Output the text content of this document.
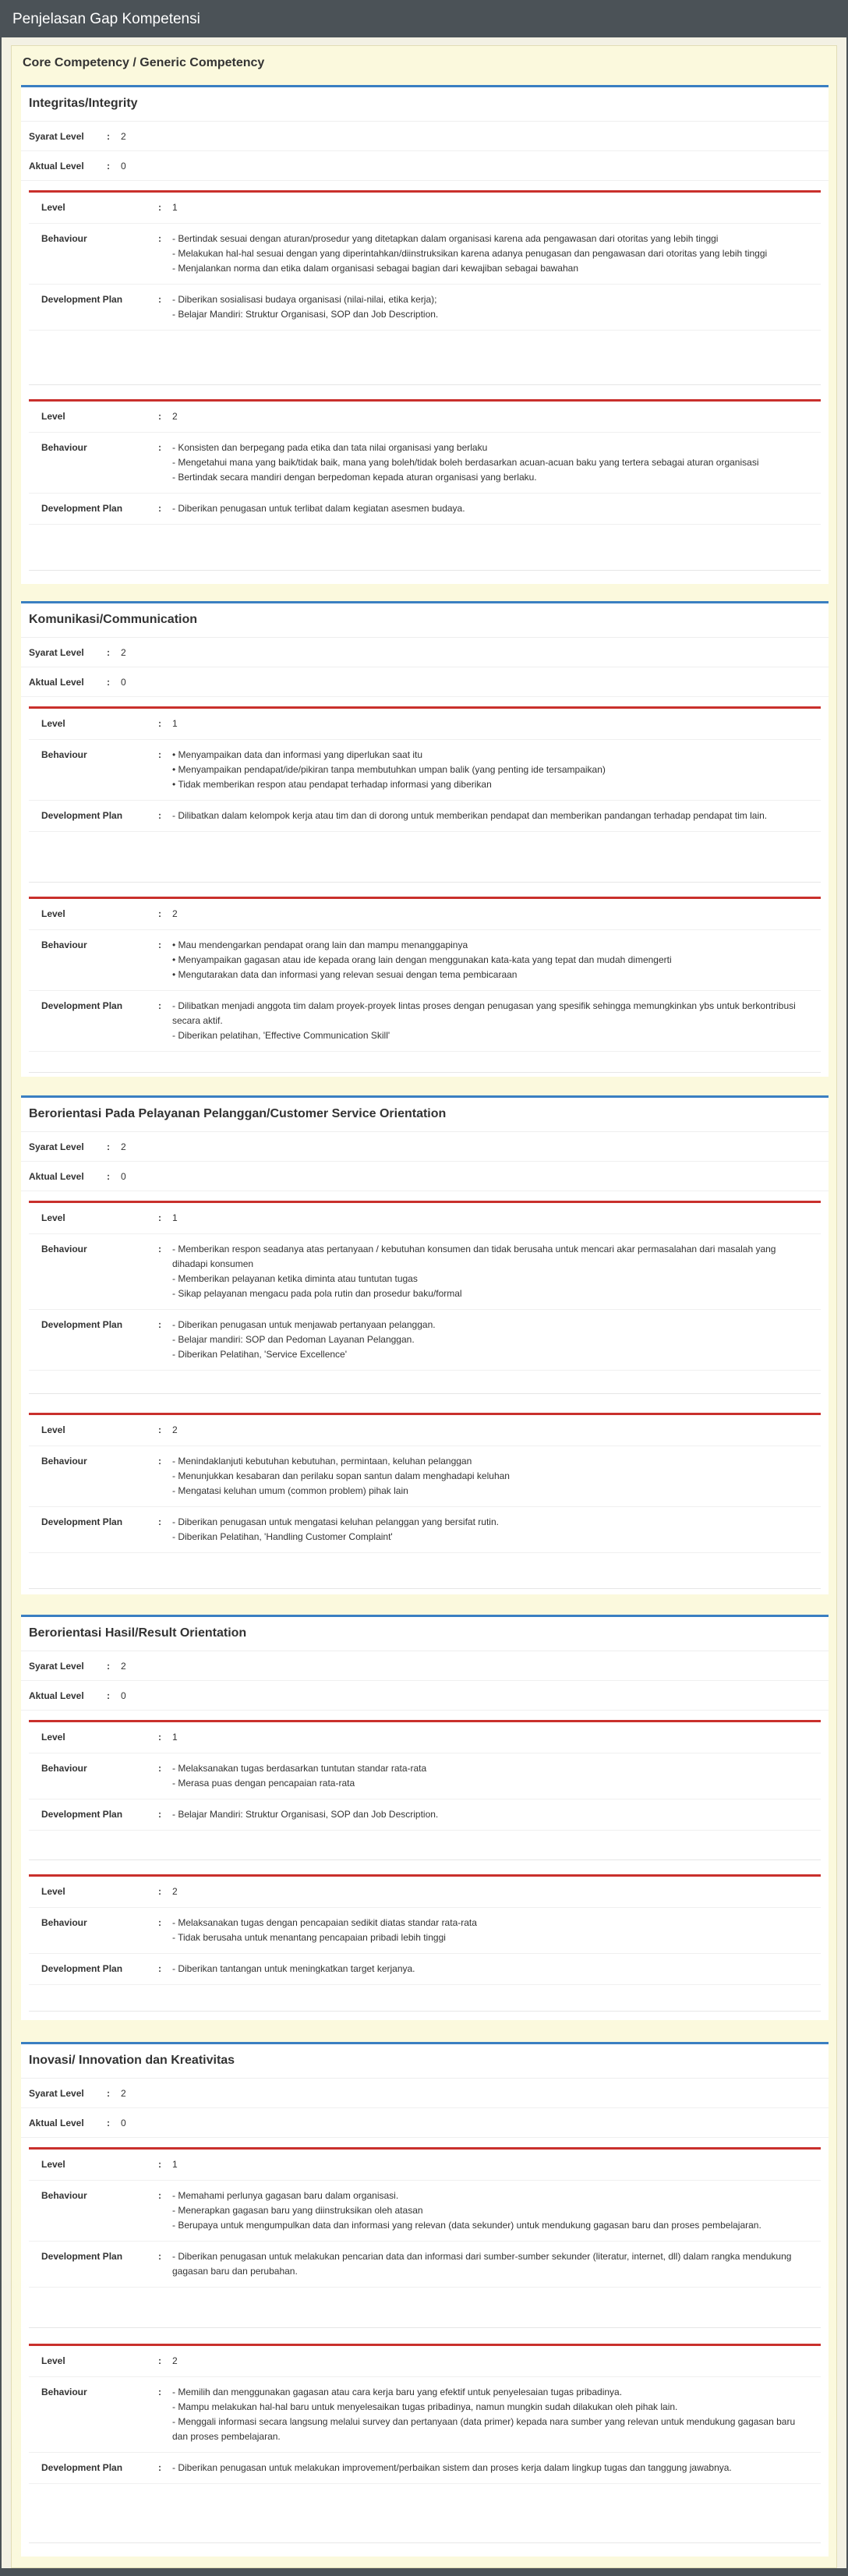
Penjelasan Gap Kompetensi
Core Competency / Generic Competency
Integritas/Integrity
Syarat Level	:	2
Aktual Level	:	0
Level	:	1
Behaviour	:	- Bertindak sesuai dengan aturan/prosedur yang ditetapkan dalam organisasi karena ada pengawasan dari otoritas yang lebih tinggi
- Melakukan hal-hal sesuai dengan yang diperintahkan/diinstruksikan karena adanya penugasan dan pengawasan dari otoritas yang lebih tinggi
- Menjalankan norma dan etika dalam organisasi sebagai bagian dari kewajiban sebagai bawahan
Development Plan	:	- Diberikan sosialisasi budaya organisasi (nilai-nilai, etika kerja);
- Belajar Mandiri: Struktur Organisasi, SOP dan Job Description.
Level	:	2
Behaviour	:	- Konsisten dan berpegang pada etika dan tata nilai organisasi yang berlaku
- Mengetahui mana yang baik/tidak baik, mana yang boleh/tidak boleh berdasarkan acuan-acuan baku yang tertera sebagai aturan organisasi
- Bertindak secara mandiri dengan berpedoman kepada aturan organisasi yang berlaku.
Development Plan	:	- Diberikan penugasan untuk terlibat dalam kegiatan asesmen budaya.
Komunikasi/Communication
Syarat Level	:	2
Aktual Level	:	0
Level	:	1
Behaviour	:	• Menyampaikan data dan informasi yang diperlukan saat itu
• Menyampaikan pendapat/ide/pikiran tanpa membutuhkan umpan balik (yang penting ide tersampaikan)
• Tidak memberikan respon atau pendapat terhadap informasi yang diberikan
Development Plan	:	- Dilibatkan dalam kelompok kerja atau tim dan di dorong untuk memberikan pendapat dan memberikan pandangan terhadap pendapat tim lain.
Level	:	2
Behaviour	:	• Mau mendengarkan pendapat orang lain dan mampu menanggapinya
• Menyampaikan gagasan atau ide kepada orang lain dengan menggunakan kata-kata yang tepat dan mudah dimengerti
• Mengutarakan data dan informasi yang relevan sesuai dengan tema pembicaraan
Development Plan	:	- Dilibatkan menjadi anggota tim dalam proyek-proyek lintas proses dengan penugasan yang spesifik sehingga memungkinkan ybs untuk berkontribusi secara aktif.
- Diberikan pelatihan, 'Effective Communication Skill'
Berorientasi Pada Pelayanan Pelanggan/Customer Service Orientation
Syarat Level	:	2
Aktual Level	:	0
Level	:	1
Behaviour	:	- Memberikan respon seadanya atas pertanyaan / kebutuhan konsumen dan tidak berusaha untuk mencari akar permasalahan dari masalah yang dihadapi konsumen
- Memberikan pelayanan ketika diminta atau tuntutan tugas
- Sikap pelayanan mengacu pada pola rutin dan prosedur baku/formal
Development Plan	:	- Diberikan penugasan untuk menjawab pertanyaan pelanggan.
- Belajar mandiri: SOP dan Pedoman Layanan Pelanggan.
- Diberikan Pelatihan, 'Service Excellence'
Level	:	2
Behaviour	:	- Menindaklanjuti kebutuhan kebutuhan, permintaan, keluhan pelanggan
- Menunjukkan kesabaran dan perilaku sopan santun dalam menghadapi keluhan
- Mengatasi keluhan umum (common problem) pihak lain
Development Plan	:	- Diberikan penugasan untuk mengatasi keluhan pelanggan yang bersifat rutin.
- Diberikan Pelatihan, 'Handling Customer Complaint'
Berorientasi Hasil/Result Orientation
Syarat Level	:	2
Aktual Level	:	0
Level	:	1
Behaviour	:	- Melaksanakan tugas berdasarkan tuntutan standar rata-rata
- Merasa puas dengan pencapaian rata-rata
Development Plan	:	- Belajar Mandiri: Struktur Organisasi, SOP dan Job Description.
Level	:	2
Behaviour	:	- Melaksanakan tugas dengan pencapaian sedikit diatas standar rata-rata
- Tidak berusaha untuk menantang pencapaian pribadi lebih tinggi
Development Plan	:	- Diberikan tantangan untuk meningkatkan target kerjanya.
Inovasi/ Innovation dan Kreativitas
Syarat Level	:	2
Aktual Level	:	0
Level	:	1
Behaviour	:	- Memahami perlunya gagasan baru dalam organisasi.
- Menerapkan gagasan baru yang diinstruksikan oleh atasan
- Berupaya untuk mengumpulkan data dan informasi yang relevan (data sekunder) untuk mendukung gagasan baru dan proses pembelajaran.
Development Plan	:	- Diberikan penugasan untuk melakukan pencarian data dan informasi dari sumber-sumber sekunder (literatur, internet, dll) dalam rangka mendukung gagasan baru dan perubahan.
Level	:	2
Behaviour	:	- Memilih dan menggunakan gagasan atau cara kerja baru yang efektif untuk penyelesaian tugas pribadinya.
- Mampu melakukan hal-hal baru untuk menyelesaikan tugas pribadinya, namun mungkin sudah dilakukan oleh pihak lain.
- Menggali informasi secara langsung melalui survey dan pertanyaan (data primer) kepada nara sumber yang relevan untuk mendukung gagasan baru dan proses pembelajaran.
Development Plan	:	- Diberikan penugasan untuk melakukan improvement/perbaikan sistem dan proses kerja dalam lingkup tugas dan tanggung jawabnya.
